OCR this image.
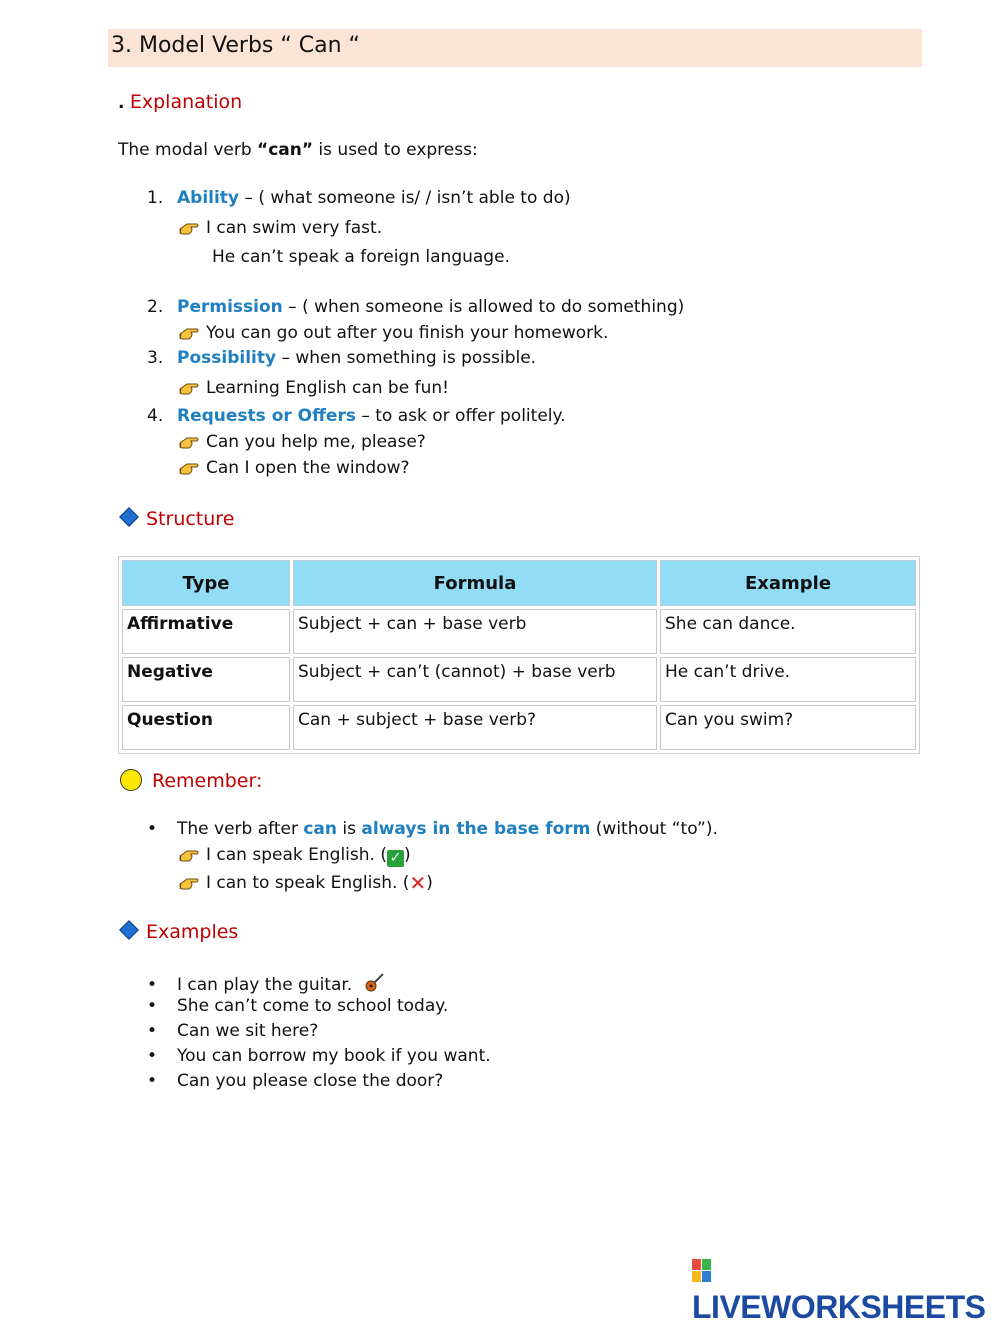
3. Model Verbs “ Can “
. Explanation
The modal verb “can” is used to express:
1. Ability – ( what someone is/ / isn’t able to do)
I can swim very fast.
He can’t speak a foreign language.
2. Permission – ( when someone is allowed to do something)
You can go out after you finish your homework.
3. Possibility – when something is possible.
Learning English can be fun!
4. Requests or Offers – to ask or offer politely.
Can you help me, please?
Can I open the window?
Structure
Type	Formula	Example
Affirmative	Subject + can + base verb	She can dance.
Negative	Subject + can’t (cannot) + base verb	He can’t drive.
Question	Can + subject + base verb?	Can you swim?
Remember:
• The verb after can is always in the base form (without “to”).
I can speak English. ( ✓ )
I can to speak English. (✕)
Examples
• I can play the guitar.
• She can’t come to school today.
• Can we sit here?
• You can borrow my book if you want.
• Can you please close the door?
LIVEWORKSHEETS
